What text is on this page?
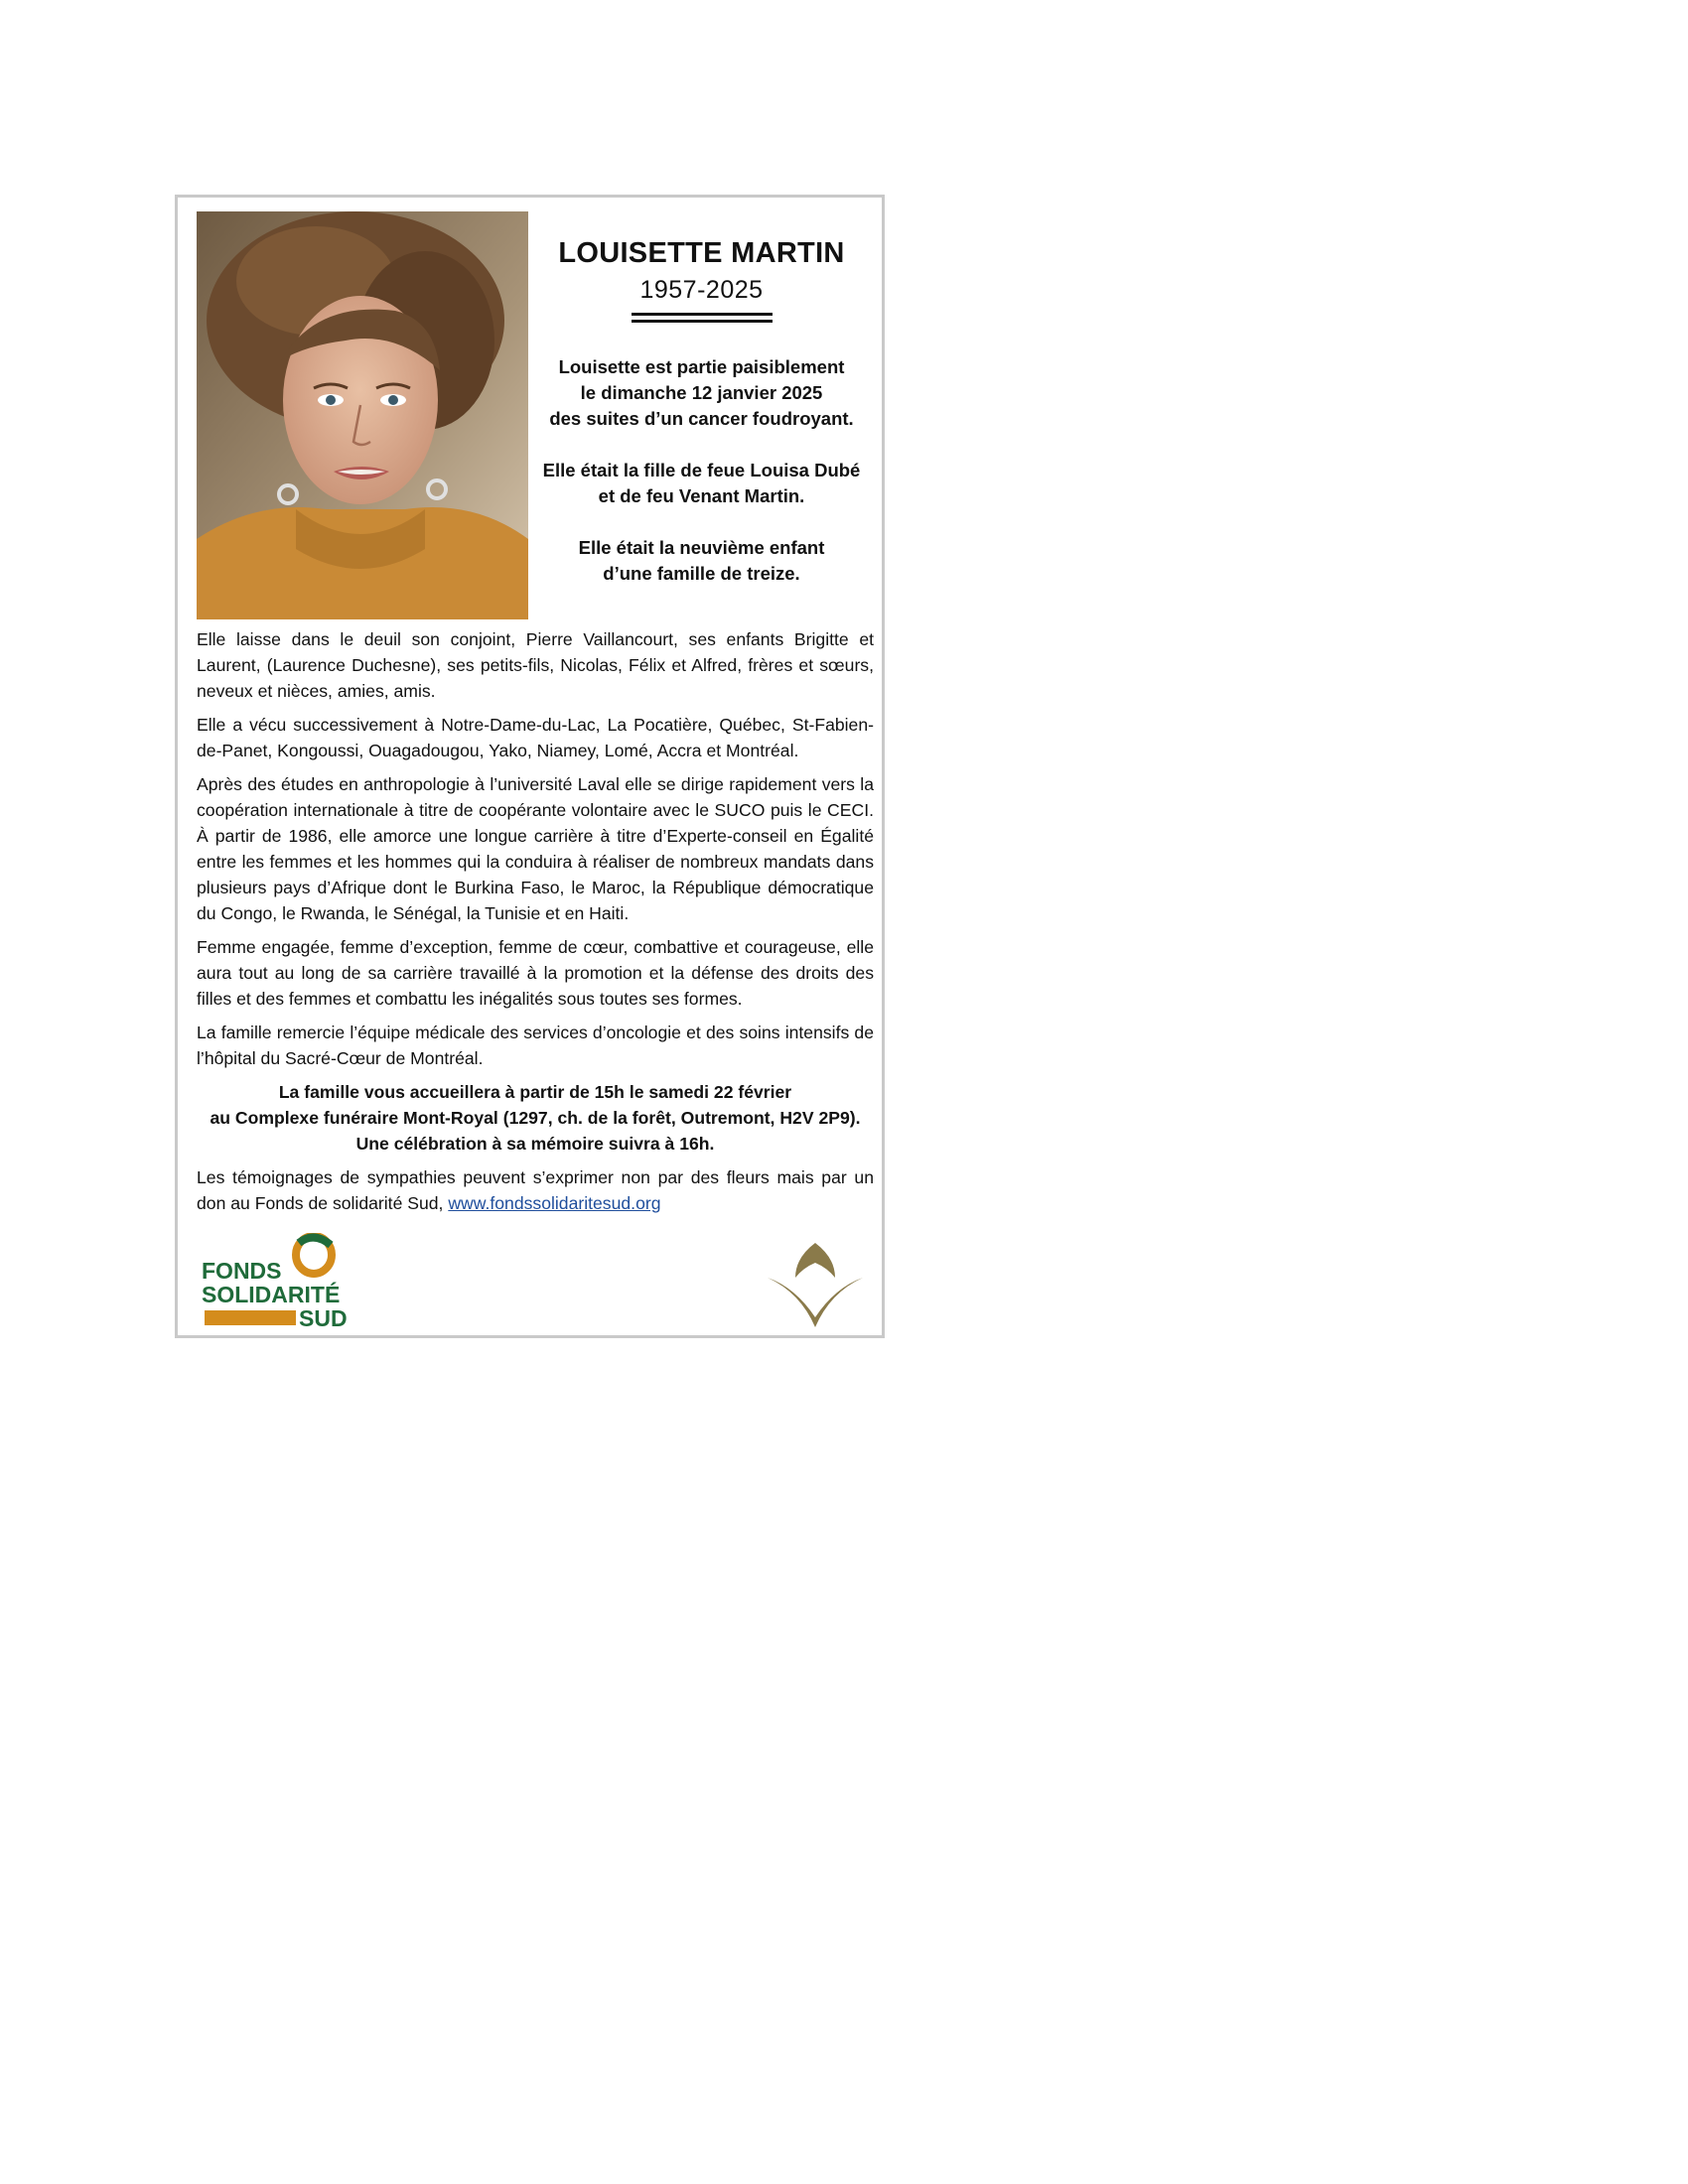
LOUISETTE MARTIN
1957-2025

Louisette est partie paisiblement
le dimanche 12 janvier 2025
des suites d’un cancer foudroyant.

Elle était la fille de feue Louisa Dubé
et de feu Venant Martin.

Elle était la neuvième enfant
d’une famille de treize.

Elle laisse dans le deuil son conjoint, Pierre Vaillancourt, ses enfants Brigitte et Laurent, (Laurence Duchesne), ses petits-fils, Nicolas, Félix et Alfred, frères et sœurs, neveux et nièces, amies, amis.

Elle a vécu successivement à Notre-Dame-du-Lac, La Pocatière, Québec, St-Fabien-de-Panet, Kongoussi, Ouagadougou, Yako, Niamey, Lomé, Accra et Montréal.

Après des études en anthropologie à l’université Laval elle se dirige rapidement vers la coopération internationale à titre de coopérante volontaire avec le SUCO puis le CECI. À partir de 1986, elle amorce une longue carrière à titre d’Experte-conseil en Égalité entre les femmes et les hommes qui la conduira à réaliser de nombreux mandats dans plusieurs pays d’Afrique dont le Burkina Faso, le Maroc, la République démocratique du Congo, le Rwanda, le Sénégal, la Tunisie et en Haiti.

Femme engagée, femme d’exception, femme de cœur, combattive et courageuse, elle aura tout au long de sa carrière travaillé à la promotion et la défense des droits des filles et des femmes et combattu les inégalités sous toutes ses formes.

La famille remercie l’équipe médicale des services d’oncologie et des soins intensifs de l’hôpital du Sacré-Cœur de Montréal.

La famille vous accueillera à partir de 15h le samedi 22 février
au Complexe funéraire Mont-Royal (1297, ch. de la forêt, Outremont, H2V 2P9).
Une célébration à sa mémoire suivra à 16h.

Les témoignages de sympathies peuvent s’exprimer non par des fleurs mais par un don au Fonds de solidarité Sud, www.fondssolidaritesud.org

FONDS
SOLIDARITÉ
SUD
